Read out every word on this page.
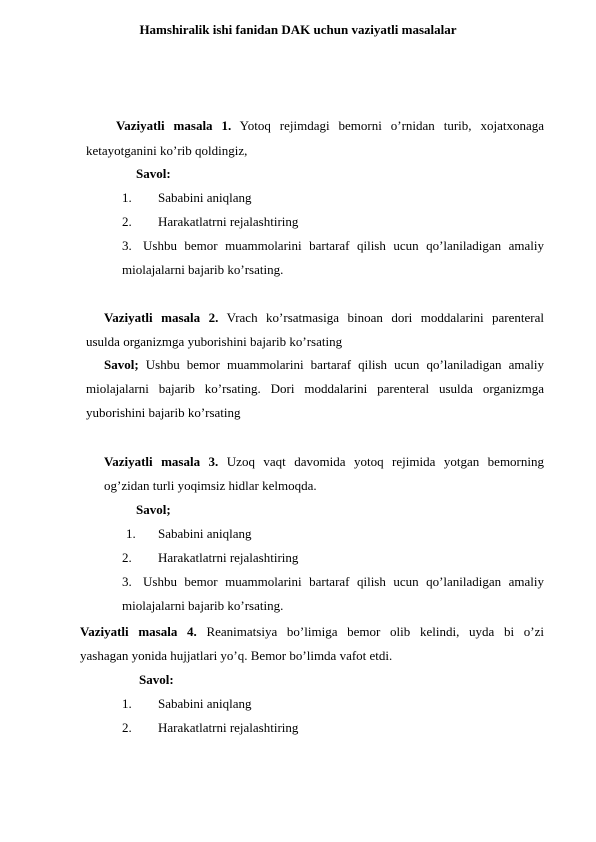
Hamshiralik ishi fanidan DAK uchun vaziyatli masalalar
Vaziyatli masala 1. Yotoq rejimdagi bemorni o’rnidan turib, xojatxonaga
ketayotganini ko’rib qoldingiz,
Savol:
1. Sababini aniqlang
2. Harakatlatrni rejalashtiring
3. Ushbu bemor muammolarini bartaraf qilish ucun qo’laniladigan amaliy
miolajalarni bajarib ko’rsating.
Vaziyatli masala 2. Vrach ko’rsatmasiga binoan dori moddalarini parenteral
usulda organizmga yuborishini bajarib ko’rsating
Savol; Ushbu bemor muammolarini bartaraf qilish ucun qo’laniladigan amaliy
miolajalarni bajarib ko’rsating. Dori moddalarini parenteral usulda organizmga
yuborishini bajarib ko’rsating
Vaziyatli masala 3. Uzoq vaqt davomida yotoq rejimida yotgan bemorning
og’zidan turli yoqimsiz hidlar kelmoqda.
Savol;
1. Sababini aniqlang
2. Harakatlatrni rejalashtiring
3. Ushbu bemor muammolarini bartaraf qilish ucun qo’laniladigan amaliy
miolajalarni bajarib ko’rsating.
Vaziyatli masala 4. Reanimatsiya bo’limiga bemor olib kelindi, uyda bi o’zi
yashagan yonida hujjatlari yo’q. Bemor bo’limda vafot etdi.
Savol:
1. Sababini aniqlang
2. Harakatlatrni rejalashtiring
